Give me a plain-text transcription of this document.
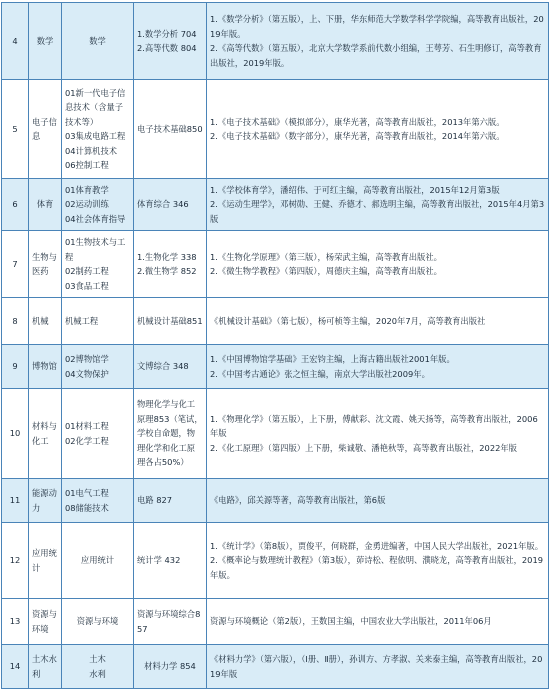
4	数学	数学	1.数学分析 704
2.高等代数 804	1.《数学分析》（第五版），上、下册，华东师范大学数学科学学院编，高等教育出版社，2019年版。
2.《高等代数》（第五版），北京大学数学系前代数小组编，王萼芳、石生明修订，高等教育出版社，2019年版。

5	电子信息	01新一代电子信息技术（含量子技术等）
03集成电路工程
04计算机技术
06控制工程	电子技术基础850	1.《电子技术基础》（模拟部分），康华光著，高等教育出版社，2013年第六版。
2.《电子技术基础》（数字部分），康华光著，高等教育出版社，2014年第六版。

6	体育	01体育教学
02运动训练
04社会体育指导	体育综合 346	1.《学校体育学》，潘绍伟、于可红主编，高等教育出版社，2015年12月第3版
2.《运动生理学》，邓树勋、王健、乔德才、郝选明主编，高等教育出版社，2015年4月第3版

7	生物与医药	01生物技术与工程
02制药工程
03食品工程	1.生物化学 338
2.微生物学 852	1.《生物化学原理》（第三版），杨荣武主编，高等教育出版社。
2.《微生物学教程》（第四版），周德庆主编，高等教育出版社。

8	机械	机械工程	机械设计基础851	《机械设计基础》（第七版），杨可桢等主编，2020年7月，高等教育出版社

9	博物馆	02博物馆学
04文物保护	文博综合 348	1.《中国博物馆学基础》王宏钧主编，上海古籍出版社2001年版。
2.《中国考古通论》张之恒主编，南京大学出版社2009年。

10	材料与化工	01材料工程
02化学工程	物理化学与化工原理853（笔试，学校自命题，物理化学和化工原理各占50%）	1.《物理化学》（第五版），上下册，傅献彩、沈文霞、姚天扬等，高等教育出版社，2006年版
2.《化工原理》（第四版）上下册，柴诚敬、潘艳秋等，高等教育出版社，2022年版

11	能源动力	01电气工程
08储能技术	电路 827	《电路》，邱关源等著，高等教育出版社，第6版

12	应用统计	应用统计	统计学 432	1.《统计学》（第8版），贾俊平，何晓群，金勇进编著，中国人民大学出版社，2021年版。
2.《概率论与数理统计教程》（第3版），茆诗松、程依明、濮晓龙，高等教育出版社，2019年版。

13	资源与环境	资源与环境	资源与环境综合857	资源与环境概论（第2版），王数国主编，中国农业大学出版社，2011年06月

14	土木水利	土木
水利	材料力学 854	《材料力学》（第六版），（Ⅰ册、Ⅱ册），孙训方、方孝淑、关来泰主编，高等教育出版社，2019年版
